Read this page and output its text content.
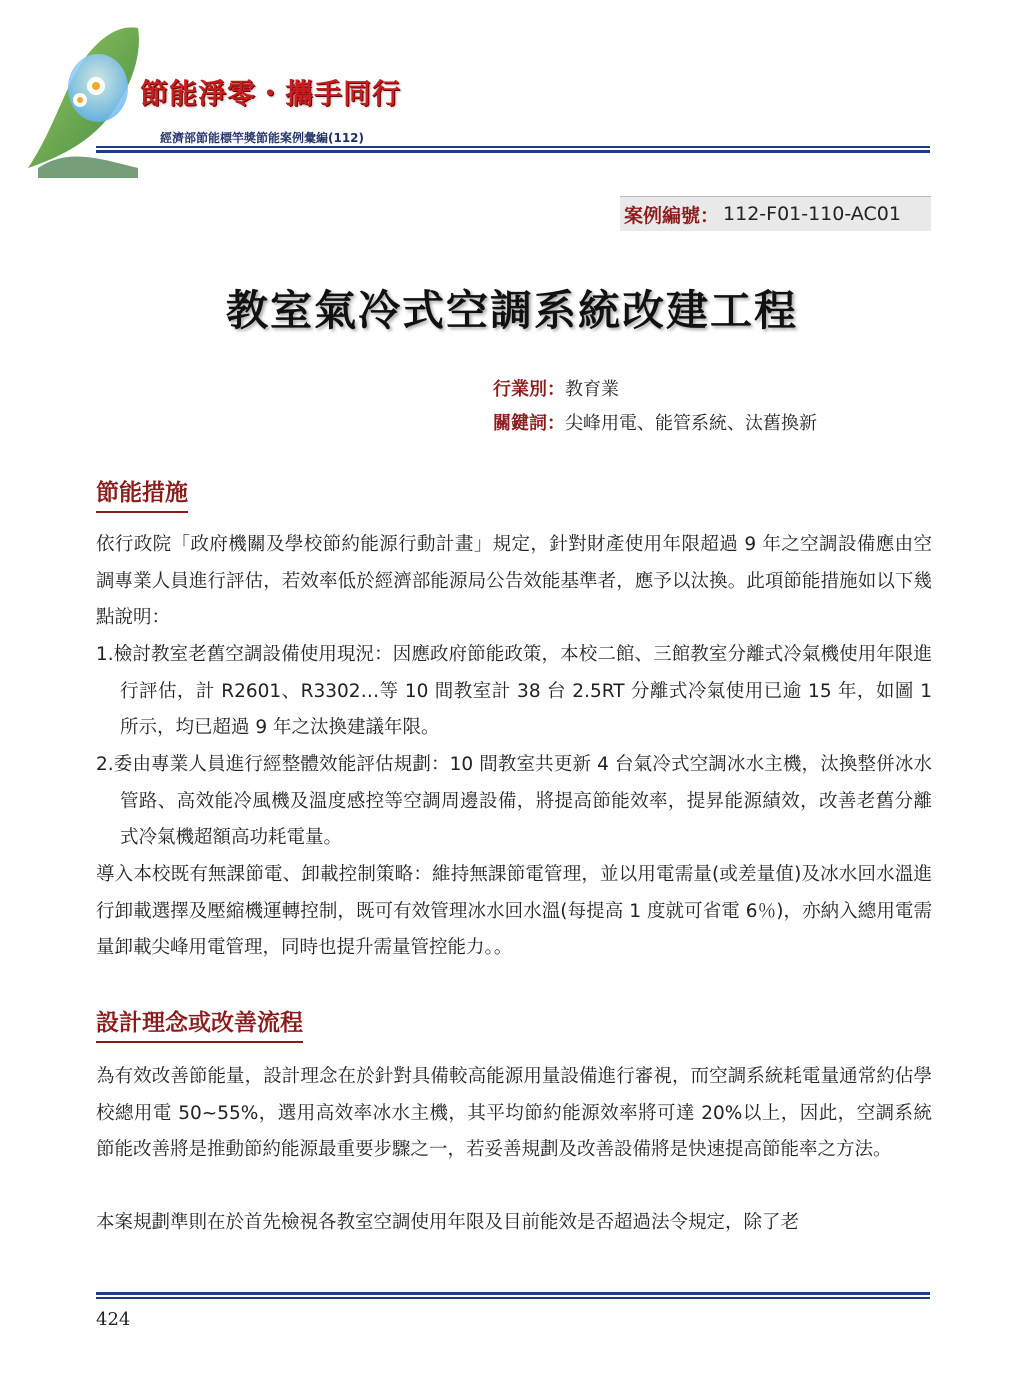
節能淨零・攜手同行
經濟部節能標竿獎節能案例彙編(112)
案例編號： 112-F01-110-AC01
教室氣冷式空調系統改建工程
行業別：教育業
關鍵詞：尖峰用電、能管系統、汰舊換新
節能措施
依行政院「政府機關及學校節約能源行動計畫」規定，針對財產使用年限超過 9 年之空調設備應由空調專業人員進行評估，若效率低於經濟部能源局公告效能基準者，應予以汰換。此項節能措施如以下幾點說明：
1.檢討教室老舊空調設備使用現況：因應政府節能政策，本校二館、三館教室分離式冷氣機使用年限進行評估，計 R2601、R3302…等 10 間教室計 38 台 2.5RT 分離式冷氣使用已逾 15 年，如圖 1 所示，均已超過 9 年之汰換建議年限。
2.委由專業人員進行經整體效能評估規劃：10 間教室共更新 4 台氣冷式空調冰水主機，汰換整併冰水管路、高效能冷風機及溫度感控等空調周邊設備，將提高節能效率，提昇能源績效，改善老舊分離式冷氣機超額高功耗電量。
導入本校既有無課節電、卸載控制策略：維持無課節電管理，並以用電需量(或差量值)及冰水回水溫進行卸載選擇及壓縮機運轉控制，既可有效管理冰水回水溫(每提高 1 度就可省電 6％)，亦納入總用電需量卸載尖峰用電管理，同時也提升需量管控能力。。
設計理念或改善流程
為有效改善節能量，設計理念在於針對具備較高能源用量設備進行審視，而空調系統耗電量通常約佔學校總用電 50~55%，選用高效率冰水主機，其平均節約能源效率將可達 20%以上，因此，空調系統節能改善將是推動節約能源最重要步驟之一，若妥善規劃及改善設備將是快速提高節能率之方法。
本案規劃準則在於首先檢視各教室空調使用年限及目前能效是否超過法令規定，除了老
424
